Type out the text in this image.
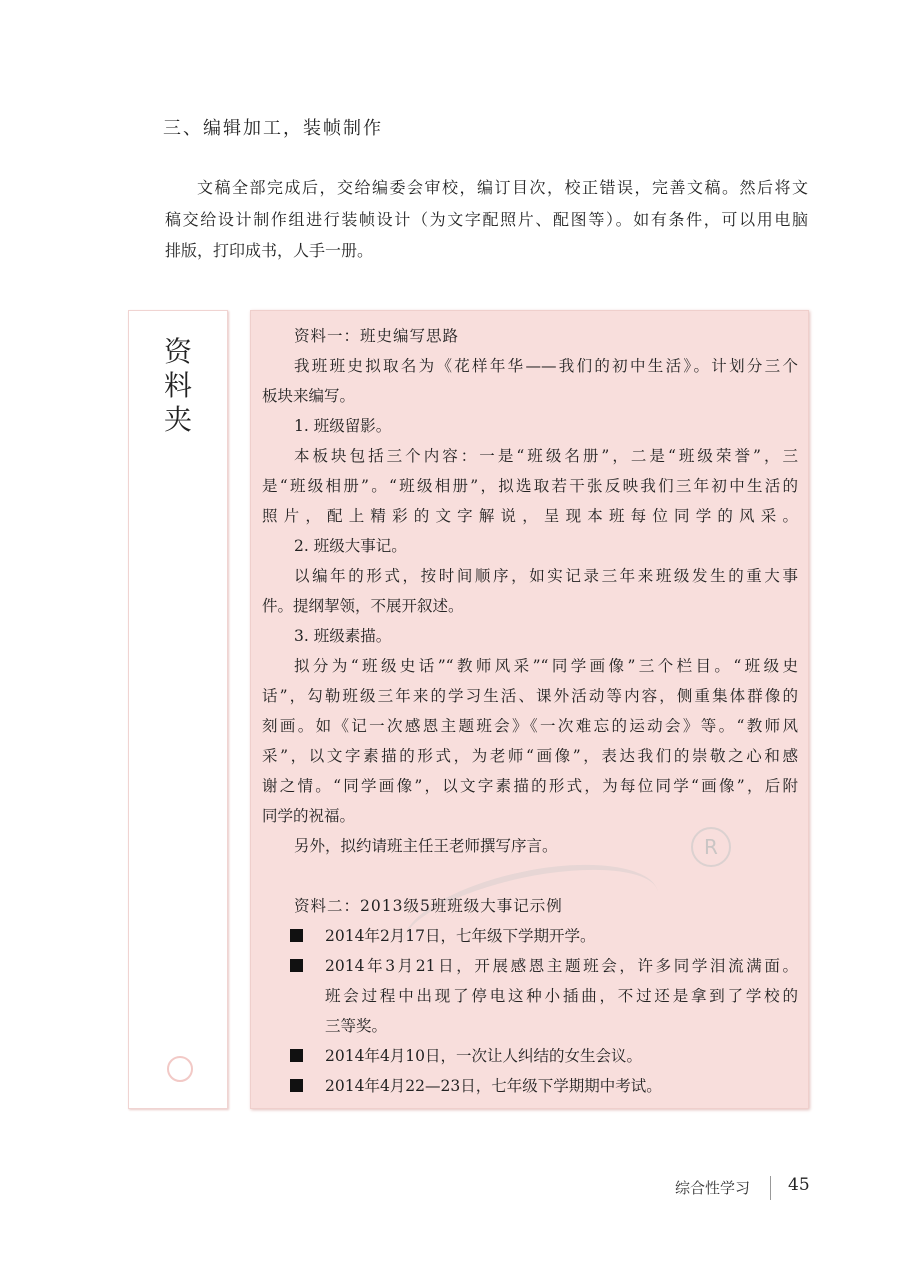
三、编辑加工，装帧制作
文稿全部完成后，交给编委会审校，编订目次，校正错误，完善文稿。然后将文
稿交给设计制作组进行装帧设计（为文字配照片、配图等）。如有条件，可以用电脑
排版，打印成书，人手一册。
资
料
夹
R
资料一：班史编写思路
我班班史拟取名为《花样年华——我们的初中生活》。计划分三个
板块来编写。
1. 班级留影。
本板块包括三个内容：一是“班级名册”，二是“班级荣誉”，三
是“班级相册”。“班级相册”，拟选取若干张反映我们三年初中生活的
照片，配上精彩的文字解说，呈现本班每位同学的风采。
2. 班级大事记。
以编年的形式，按时间顺序，如实记录三年来班级发生的重大事
件。提纲挈领，不展开叙述。
3. 班级素描。
拟分为“班级史话”“教师风采”“同学画像”三个栏目。“班级史
话”，勾勒班级三年来的学习生活、课外活动等内容，侧重集体群像的
刻画。如《记一次感恩主题班会》《一次难忘的运动会》等。“教师风
采”，以文字素描的形式，为老师“画像”，表达我们的崇敬之心和感
谢之情。“同学画像”，以文字素描的形式，为每位同学“画像”，后附
同学的祝福。
另外，拟约请班主任王老师撰写序言。
资料二：2013级5班班级大事记示例
2014年2月17日，七年级下学期开学。
2014年3月21日，开展感恩主题班会，许多同学泪流满面。
班会过程中出现了停电这种小插曲，不过还是拿到了学校的
三等奖。
2014年4月10日，一次让人纠结的女生会议。
2014年4月22—23日，七年级下学期期中考试。
综合性学习 45
